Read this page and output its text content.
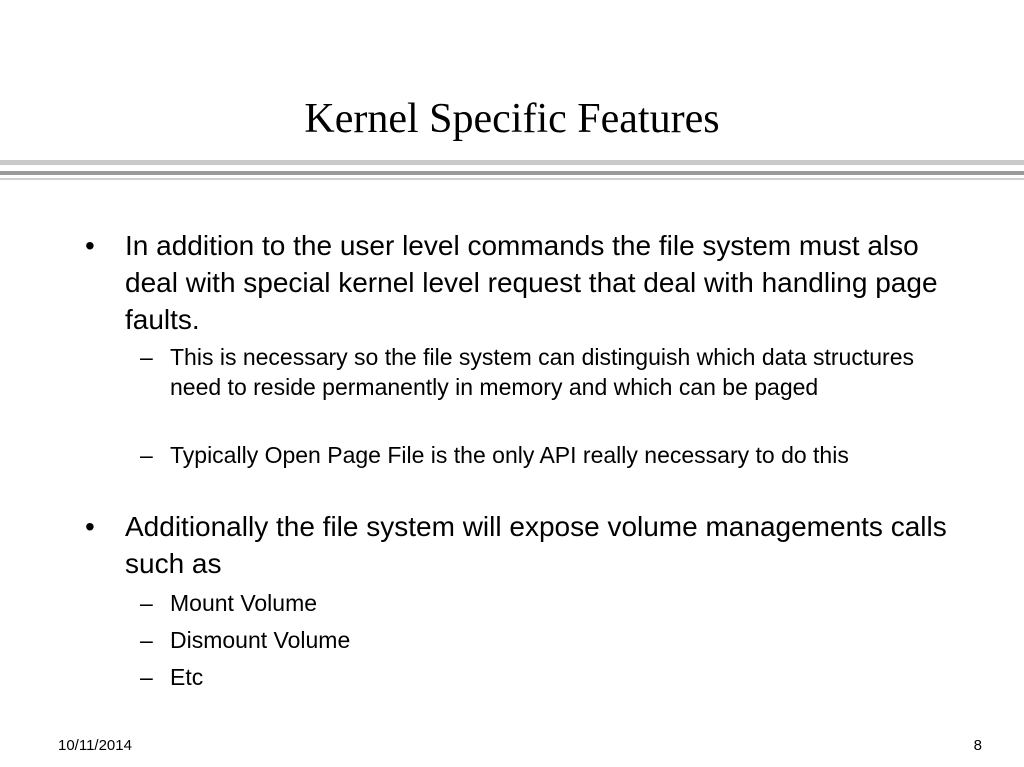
Kernel Specific Features
• In addition to the user level commands the file system must also deal with special kernel level request that deal with handling page faults.
– This is necessary so the file system can distinguish which data structures need to reside permanently in memory and which can be paged
– Typically Open Page File is the only API really necessary to do this
• Additionally the file system will expose volume managements calls such as
– Mount Volume
– Dismount Volume
– Etc
10/11/2014	8
